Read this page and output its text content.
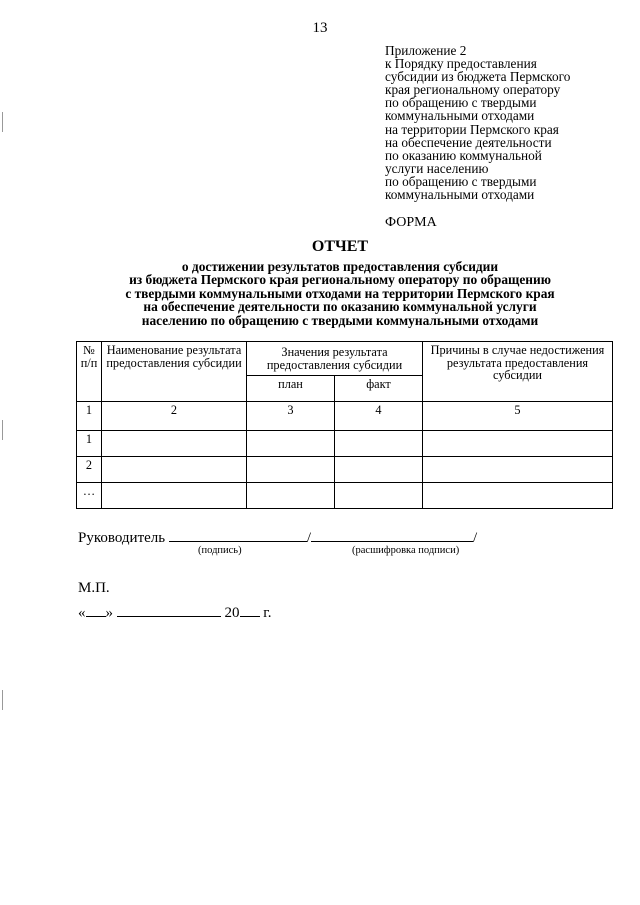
13
Приложение 2
к Порядку предоставления
субсидии из бюджета Пермского
края региональному оператору
по обращению с твердыми
коммунальными отходами
на территории Пермского края
на обеспечение деятельности
по оказанию коммунальной
услуги населению
по обращению с твердыми
коммунальными отходами
ФОРМА
ОТЧЕТ
о достижении результатов предоставления субсидии
из бюджета Пермского края региональному оператору по обращению
с твердыми коммунальными отходами на территории Пермского края
на обеспечение деятельности по оказанию коммунальной услуги
населению по обращению с твердыми коммунальными отходами
№ п/п	Наименование результата предоставления субсидии	Значения результата предоставления субсидии		Причины в случае недостижения результата предоставления субсидии
		план	факт	
1	2	3	4	5
1				
2				
…				
Руководитель	/	/
(подпись)	(расшифровка подписи)
М.П.
« »	20 г.
